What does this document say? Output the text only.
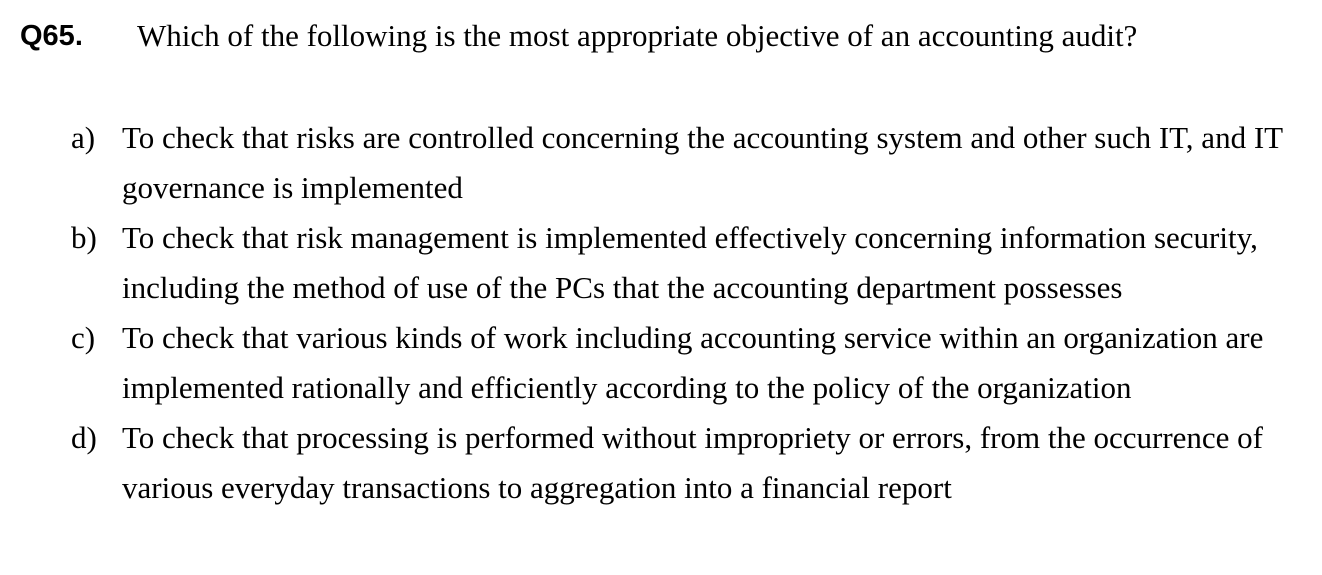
Q65.	Which of the following is the most appropriate objective of an accounting audit?
a) To check that risks are controlled concerning the accounting system and other such IT, and IT governance is implemented
b) To check that risk management is implemented effectively concerning information security, including the method of use of the PCs that the accounting department possesses
c) To check that various kinds of work including accounting service within an organization are implemented rationally and efficiently according to the policy of the organization
d) To check that processing is performed without impropriety or errors, from the occurrence of various everyday transactions to aggregation into a financial report
